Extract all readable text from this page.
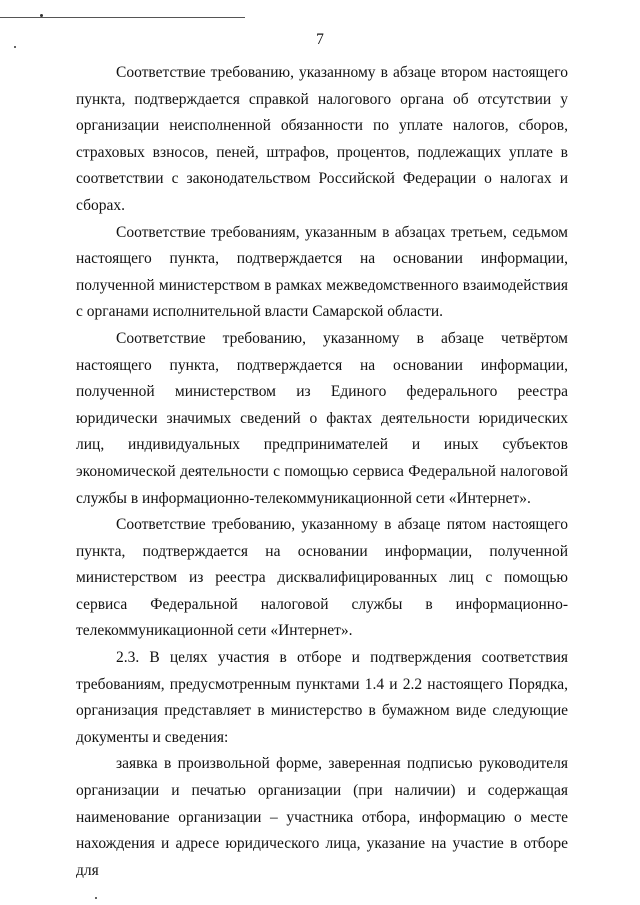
7

Соответствие требованию, указанному в абзаце втором настоящего пункта, подтверждается справкой налогового органа об отсутствии у организации неисполненной обязанности по уплате налогов, сборов, страховых взносов, пеней, штрафов, процентов, подлежащих уплате в соответствии с законодательством Российской Федерации о налогах и сборах.

Соответствие требованиям, указанным в абзацах третьем, седьмом настоящего пункта, подтверждается на основании информации, полученной министерством в рамках межведомственного взаимодействия с органами исполнительной власти Самарской области.

Соответствие требованию, указанному в абзаце четвёртом настоящего пункта, подтверждается на основании информации, полученной министерством из Единого федерального реестра юридически значимых сведений о фактах деятельности юридических лиц, индивидуальных предпринимателей и иных субъектов экономической деятельности с помощью сервиса Федеральной налоговой службы в информационно-телекоммуникационной сети «Интернет».

Соответствие требованию, указанному в абзаце пятом настоящего пункта, подтверждается на основании информации, полученной министерством из реестра дисквалифицированных лиц с помощью сервиса Федеральной налоговой службы в информационно-телекоммуникационной сети «Интернет».

2.3. В целях участия в отборе и подтверждения соответствия требованиям, предусмотренным пунктами 1.4 и 2.2 настоящего Порядка, организация представляет в министерство в бумажном виде следующие документы и сведения:

заявка в произвольной форме, заверенная подписью руководителя организации и печатью организации (при наличии) и содержащая наименование организации – участника отбора, информацию о месте нахождения и адресе юридического лица, указание на участие в отборе для
